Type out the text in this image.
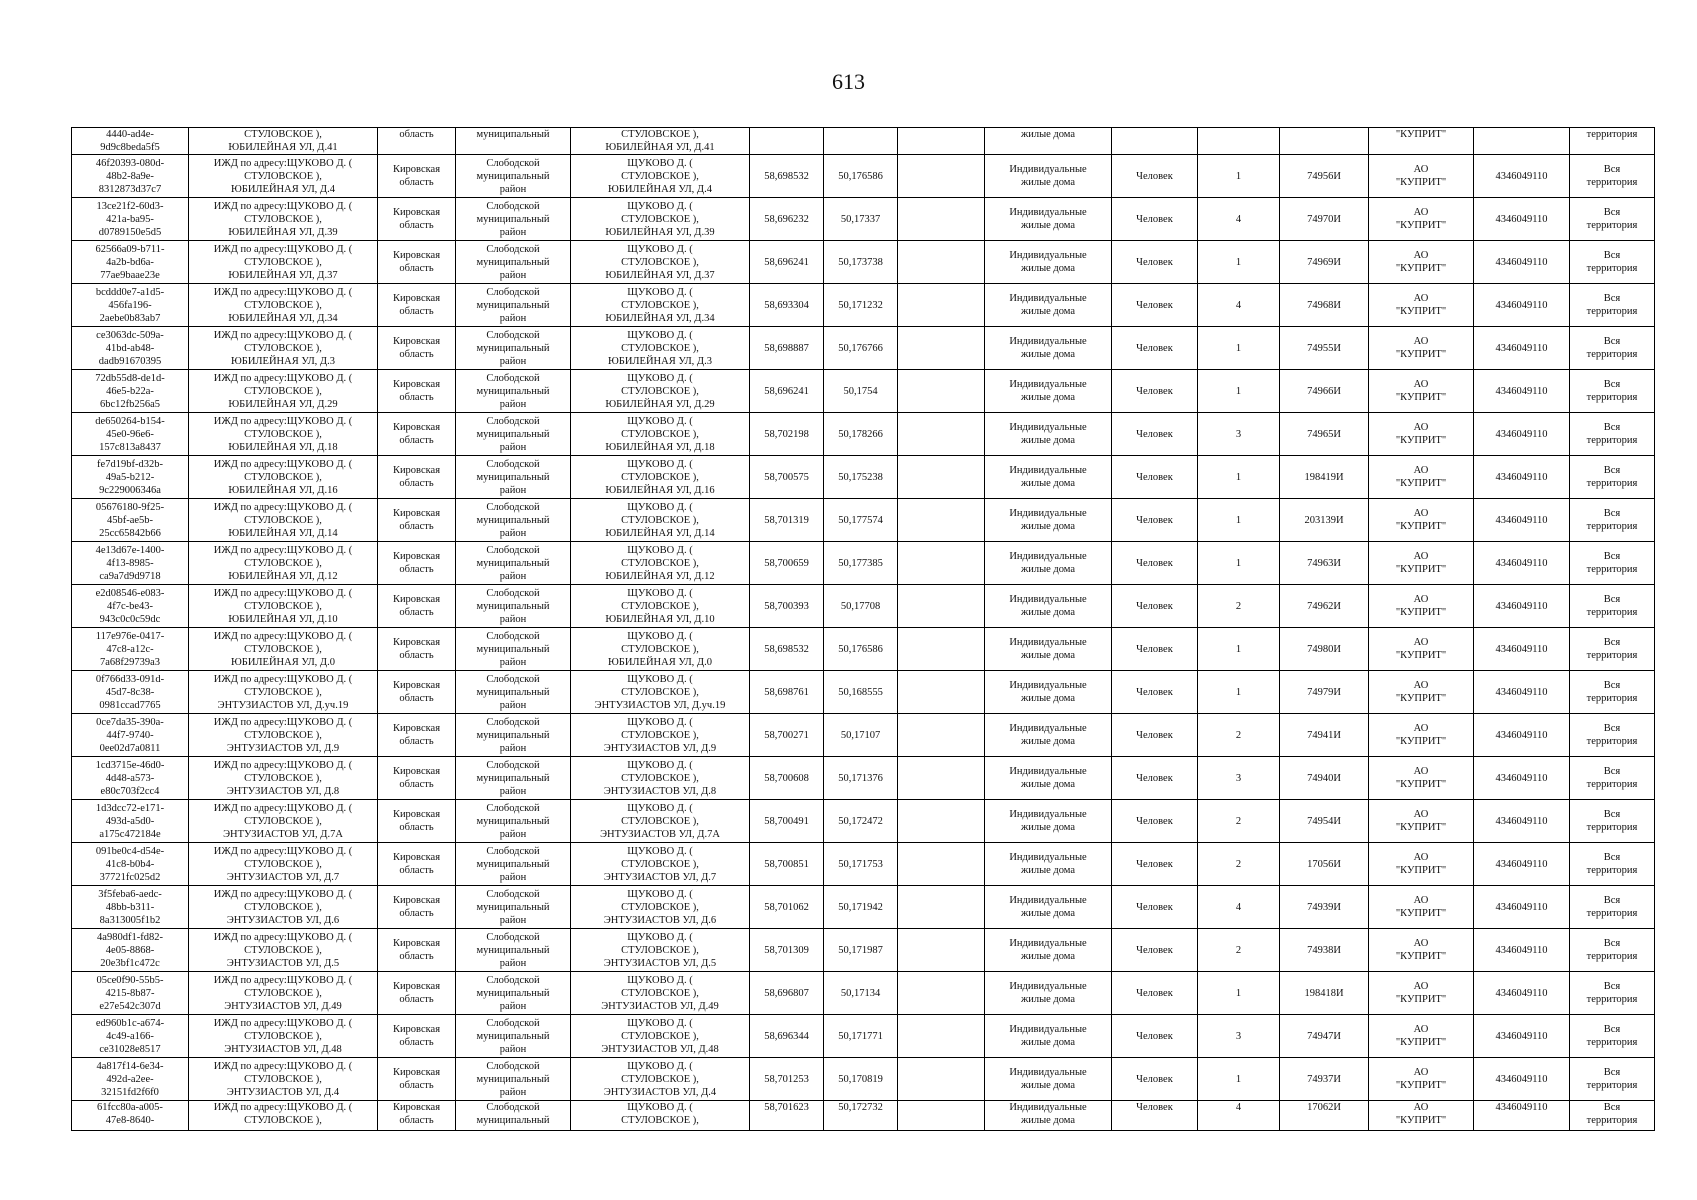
613
4440-ad4e-
9d9c8beda5f5	СТУЛОВСКОЕ ),
ЮБИЛЕЙНАЯ УЛ, Д.41	область	муниципальный	СТУЛОВСКОЕ ),
ЮБИЛЕЙНАЯ УЛ, Д.41				жилые дома				"КУПРИТ"		территория
46f20393-080d-
48b2-8a9e-
8312873d37c7	ИЖД по адресу:ЩУКОВО Д. (
СТУЛОВСКОЕ ),
ЮБИЛЕЙНАЯ УЛ, Д.4	Кировская
область	Слободской
муниципальный
район	ЩУКОВО Д. (
СТУЛОВСКОЕ ),
ЮБИЛЕЙНАЯ УЛ, Д.4	58,698532	50,176586		Индивидуальные
жилые дома	Человек	1	74956И	АО
"КУПРИТ"	4346049110	Вся
территория
13ce21f2-60d3-
421a-ba95-
d0789150e5d5	ИЖД по адресу:ЩУКОВО Д. (
СТУЛОВСКОЕ ),
ЮБИЛЕЙНАЯ УЛ, Д.39	Кировская
область	Слободской
муниципальный
район	ЩУКОВО Д. (
СТУЛОВСКОЕ ),
ЮБИЛЕЙНАЯ УЛ, Д.39	58,696232	50,17337		Индивидуальные
жилые дома	Человек	4	74970И	АО
"КУПРИТ"	4346049110	Вся
территория
62566a09-b711-
4a2b-bd6a-
77ae9baae23e	ИЖД по адресу:ЩУКОВО Д. (
СТУЛОВСКОЕ ),
ЮБИЛЕЙНАЯ УЛ, Д.37	Кировская
область	Слободской
муниципальный
район	ЩУКОВО Д. (
СТУЛОВСКОЕ ),
ЮБИЛЕЙНАЯ УЛ, Д.37	58,696241	50,173738		Индивидуальные
жилые дома	Человек	1	74969И	АО
"КУПРИТ"	4346049110	Вся
территория
bcddd0e7-a1d5-
456fa196-
2aebe0b83ab7	ИЖД по адресу:ЩУКОВО Д. (
СТУЛОВСКОЕ ),
ЮБИЛЕЙНАЯ УЛ, Д.34	Кировская
область	Слободской
муниципальный
район	ЩУКОВО Д. (
СТУЛОВСКОЕ ),
ЮБИЛЕЙНАЯ УЛ, Д.34	58,693304	50,171232		Индивидуальные
жилые дома	Человек	4	74968И	АО
"КУПРИТ"	4346049110	Вся
территория
ce3063dc-509a-
41bd-ab48-
dadb91670395	ИЖД по адресу:ЩУКОВО Д. (
СТУЛОВСКОЕ ),
ЮБИЛЕЙНАЯ УЛ, Д.3	Кировская
область	Слободской
муниципальный
район	ЩУКОВО Д. (
СТУЛОВСКОЕ ),
ЮБИЛЕЙНАЯ УЛ, Д.3	58,698887	50,176766		Индивидуальные
жилые дома	Человек	1	74955И	АО
"КУПРИТ"	4346049110	Вся
территория
72db55d8-de1d-
46e5-b22a-
6bc12fb256a5	ИЖД по адресу:ЩУКОВО Д. (
СТУЛОВСКОЕ ),
ЮБИЛЕЙНАЯ УЛ, Д.29	Кировская
область	Слободской
муниципальный
район	ЩУКОВО Д. (
СТУЛОВСКОЕ ),
ЮБИЛЕЙНАЯ УЛ, Д.29	58,696241	50,1754		Индивидуальные
жилые дома	Человек	1	74966И	АО
"КУПРИТ"	4346049110	Вся
территория
de650264-b154-
45e0-96e6-
157c813a8437	ИЖД по адресу:ЩУКОВО Д. (
СТУЛОВСКОЕ ),
ЮБИЛЕЙНАЯ УЛ, Д.18	Кировская
область	Слободской
муниципальный
район	ЩУКОВО Д. (
СТУЛОВСКОЕ ),
ЮБИЛЕЙНАЯ УЛ, Д.18	58,702198	50,178266		Индивидуальные
жилые дома	Человек	3	74965И	АО
"КУПРИТ"	4346049110	Вся
территория
fe7d19bf-d32b-
49a5-b212-
9c229006346a	ИЖД по адресу:ЩУКОВО Д. (
СТУЛОВСКОЕ ),
ЮБИЛЕЙНАЯ УЛ, Д.16	Кировская
область	Слободской
муниципальный
район	ЩУКОВО Д. (
СТУЛОВСКОЕ ),
ЮБИЛЕЙНАЯ УЛ, Д.16	58,700575	50,175238		Индивидуальные
жилые дома	Человек	1	198419И	АО
"КУПРИТ"	4346049110	Вся
территория
05676180-9f25-
45bf-ae5b-
25cc65842b66	ИЖД по адресу:ЩУКОВО Д. (
СТУЛОВСКОЕ ),
ЮБИЛЕЙНАЯ УЛ, Д.14	Кировская
область	Слободской
муниципальный
район	ЩУКОВО Д. (
СТУЛОВСКОЕ ),
ЮБИЛЕЙНАЯ УЛ, Д.14	58,701319	50,177574		Индивидуальные
жилые дома	Человек	1	203139И	АО
"КУПРИТ"	4346049110	Вся
территория
4e13d67e-1400-
4f13-8985-
ca9a7d9d9718	ИЖД по адресу:ЩУКОВО Д. (
СТУЛОВСКОЕ ),
ЮБИЛЕЙНАЯ УЛ, Д.12	Кировская
область	Слободской
муниципальный
район	ЩУКОВО Д. (
СТУЛОВСКОЕ ),
ЮБИЛЕЙНАЯ УЛ, Д.12	58,700659	50,177385		Индивидуальные
жилые дома	Человек	1	74963И	АО
"КУПРИТ"	4346049110	Вся
территория
e2d08546-e083-
4f7c-be43-
943c0c0c59dc	ИЖД по адресу:ЩУКОВО Д. (
СТУЛОВСКОЕ ),
ЮБИЛЕЙНАЯ УЛ, Д.10	Кировская
область	Слободской
муниципальный
район	ЩУКОВО Д. (
СТУЛОВСКОЕ ),
ЮБИЛЕЙНАЯ УЛ, Д.10	58,700393	50,17708		Индивидуальные
жилые дома	Человек	2	74962И	АО
"КУПРИТ"	4346049110	Вся
территория
117e976e-0417-
47c8-a12c-
7a68f29739a3	ИЖД по адресу:ЩУКОВО Д. (
СТУЛОВСКОЕ ),
ЮБИЛЕЙНАЯ УЛ, Д.0	Кировская
область	Слободской
муниципальный
район	ЩУКОВО Д. (
СТУЛОВСКОЕ ),
ЮБИЛЕЙНАЯ УЛ, Д.0	58,698532	50,176586		Индивидуальные
жилые дома	Человек	1	74980И	АО
"КУПРИТ"	4346049110	Вся
территория
0f766d33-091d-
45d7-8c38-
0981ccad7765	ИЖД по адресу:ЩУКОВО Д. (
СТУЛОВСКОЕ ),
ЭНТУЗИАСТОВ УЛ, Д.уч.19	Кировская
область	Слободской
муниципальный
район	ЩУКОВО Д. (
СТУЛОВСКОЕ ),
ЭНТУЗИАСТОВ УЛ, Д.уч.19	58,698761	50,168555		Индивидуальные
жилые дома	Человек	1	74979И	АО
"КУПРИТ"	4346049110	Вся
территория
0ce7da35-390a-
44f7-9740-
0ee02d7a0811	ИЖД по адресу:ЩУКОВО Д. (
СТУЛОВСКОЕ ),
ЭНТУЗИАСТОВ УЛ, Д.9	Кировская
область	Слободской
муниципальный
район	ЩУКОВО Д. (
СТУЛОВСКОЕ ),
ЭНТУЗИАСТОВ УЛ, Д.9	58,700271	50,17107		Индивидуальные
жилые дома	Человек	2	74941И	АО
"КУПРИТ"	4346049110	Вся
территория
1cd3715e-46d0-
4d48-a573-
e80c703f2cc4	ИЖД по адресу:ЩУКОВО Д. (
СТУЛОВСКОЕ ),
ЭНТУЗИАСТОВ УЛ, Д.8	Кировская
область	Слободской
муниципальный
район	ЩУКОВО Д. (
СТУЛОВСКОЕ ),
ЭНТУЗИАСТОВ УЛ, Д.8	58,700608	50,171376		Индивидуальные
жилые дома	Человек	3	74940И	АО
"КУПРИТ"	4346049110	Вся
территория
1d3dcc72-e171-
493d-a5d0-
a175c472184e	ИЖД по адресу:ЩУКОВО Д. (
СТУЛОВСКОЕ ),
ЭНТУЗИАСТОВ УЛ, Д.7А	Кировская
область	Слободской
муниципальный
район	ЩУКОВО Д. (
СТУЛОВСКОЕ ),
ЭНТУЗИАСТОВ УЛ, Д.7А	58,700491	50,172472		Индивидуальные
жилые дома	Человек	2	74954И	АО
"КУПРИТ"	4346049110	Вся
территория
091be0c4-d54e-
41c8-b0b4-
37721fc025d2	ИЖД по адресу:ЩУКОВО Д. (
СТУЛОВСКОЕ ),
ЭНТУЗИАСТОВ УЛ, Д.7	Кировская
область	Слободской
муниципальный
район	ЩУКОВО Д. (
СТУЛОВСКОЕ ),
ЭНТУЗИАСТОВ УЛ, Д.7	58,700851	50,171753		Индивидуальные
жилые дома	Человек	2	17056И	АО
"КУПРИТ"	4346049110	Вся
территория
3f5feba6-aedc-
48bb-b311-
8a313005f1b2	ИЖД по адресу:ЩУКОВО Д. (
СТУЛОВСКОЕ ),
ЭНТУЗИАСТОВ УЛ, Д.6	Кировская
область	Слободской
муниципальный
район	ЩУКОВО Д. (
СТУЛОВСКОЕ ),
ЭНТУЗИАСТОВ УЛ, Д.6	58,701062	50,171942		Индивидуальные
жилые дома	Человек	4	74939И	АО
"КУПРИТ"	4346049110	Вся
территория
4a980df1-fd82-
4e05-8868-
20e3bf1c472c	ИЖД по адресу:ЩУКОВО Д. (
СТУЛОВСКОЕ ),
ЭНТУЗИАСТОВ УЛ, Д.5	Кировская
область	Слободской
муниципальный
район	ЩУКОВО Д. (
СТУЛОВСКОЕ ),
ЭНТУЗИАСТОВ УЛ, Д.5	58,701309	50,171987		Индивидуальные
жилые дома	Человек	2	74938И	АО
"КУПРИТ"	4346049110	Вся
территория
05ce0f90-55b5-
4215-8b87-
e27e542c307d	ИЖД по адресу:ЩУКОВО Д. (
СТУЛОВСКОЕ ),
ЭНТУЗИАСТОВ УЛ, Д.49	Кировская
область	Слободской
муниципальный
район	ЩУКОВО Д. (
СТУЛОВСКОЕ ),
ЭНТУЗИАСТОВ УЛ, Д.49	58,696807	50,17134		Индивидуальные
жилые дома	Человек	1	198418И	АО
"КУПРИТ"	4346049110	Вся
территория
ed960b1c-a674-
4c49-a166-
ce31028e8517	ИЖД по адресу:ЩУКОВО Д. (
СТУЛОВСКОЕ ),
ЭНТУЗИАСТОВ УЛ, Д.48	Кировская
область	Слободской
муниципальный
район	ЩУКОВО Д. (
СТУЛОВСКОЕ ),
ЭНТУЗИАСТОВ УЛ, Д.48	58,696344	50,171771		Индивидуальные
жилые дома	Человек	3	74947И	АО
"КУПРИТ"	4346049110	Вся
территория
4a817f14-6e34-
492d-a2ee-
32151fd2f6f0	ИЖД по адресу:ЩУКОВО Д. (
СТУЛОВСКОЕ ),
ЭНТУЗИАСТОВ УЛ, Д.4	Кировская
область	Слободской
муниципальный
район	ЩУКОВО Д. (
СТУЛОВСКОЕ ),
ЭНТУЗИАСТОВ УЛ, Д.4	58,701253	50,170819		Индивидуальные
жилые дома	Человек	1	74937И	АО
"КУПРИТ"	4346049110	Вся
территория
61fcc80a-a005-
47e8-8640-	ИЖД по адресу:ЩУКОВО Д. (
СТУЛОВСКОЕ ),	Кировская
область	Слободской
муниципальный	ЩУКОВО Д. (
СТУЛОВСКОЕ ),	58,701623	50,172732		Индивидуальные
жилые дома	Человек	4	17062И	АО
"КУПРИТ"	4346049110	Вся
территория
